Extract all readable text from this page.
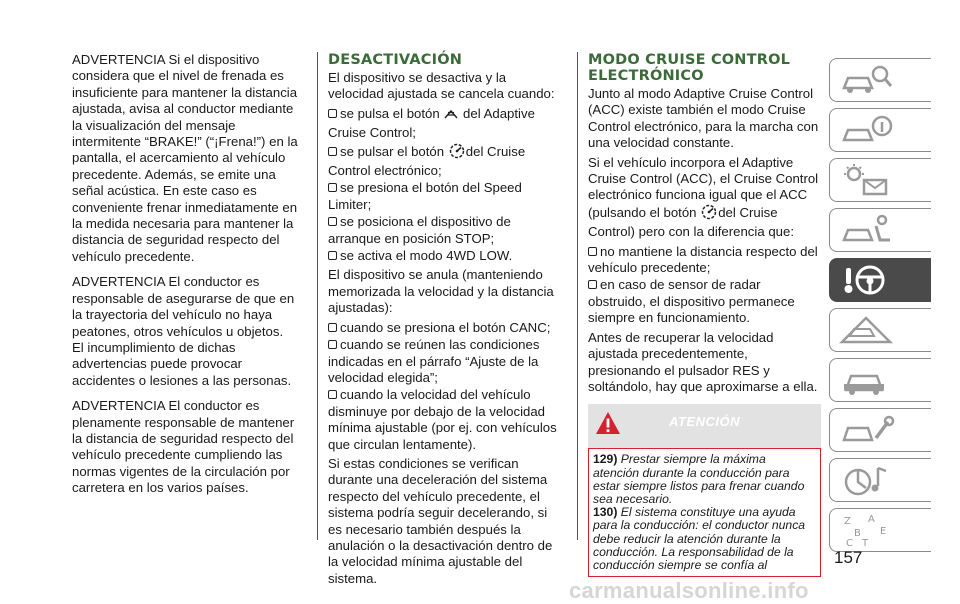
ADVERTENCIA Si el dispositivo considera que el nivel de frenada es insuficiente para mantener la distancia ajustada, avisa al conductor mediante la visualización del mensaje intermitente “BRAKE!” (“¡Frena!”) en la pantalla, el acercamiento al vehículo precedente. Además, se emite una señal acústica. En este caso es conveniente frenar inmediatamente en la medida necesaria para mantener la distancia de seguridad respecto del vehículo precedente.

ADVERTENCIA El conductor es responsable de asegurarse de que en la trayectoria del vehículo no haya peatones, otros vehículos u objetos. El incumplimiento de dichas advertencias puede provocar accidentes o lesiones a las personas.

ADVERTENCIA El conductor es plenamente responsable de mantener la distancia de seguridad respecto del vehículo precedente cumpliendo las normas vigentes de la circulación por carretera en los varios países.

DESACTIVACIÓN

El dispositivo se desactiva y la velocidad ajustada se cancela cuando:

se pulsa el botón  del Adaptive Cruise Control;
se pulsar el botón del Cruise Control electrónico;
se presiona el botón del Speed Limiter;
se posiciona el dispositivo de arranque en posición STOP;
se activa el modo 4WD LOW.

El dispositivo se anula (manteniendo memorizada la velocidad y la distancia ajustadas):

cuando se presiona el botón CANC;
cuando se reúnen las condiciones indicadas en el párrafo “Ajuste de la velocidad elegida”;
cuando la velocidad del vehículo disminuye por debajo de la velocidad mínima ajustable (por ej. con vehículos que circulan lentamente).

Si estas condiciones se verifican durante una deceleración del sistema respecto del vehículo precedente, el sistema podría seguir decelerando, si es necesario también después la anulación o la desactivación dentro de la velocidad mínima ajustable del sistema.

MODO CRUISE CONTROL ELECTRÓNICO

Junto al modo Adaptive Cruise Control (ACC) existe también el modo Cruise Control electrónico, para la marcha con una velocidad constante.

Si el vehículo incorpora el Adaptive Cruise Control (ACC), el Cruise Control electrónico funciona igual que el ACC (pulsando el botón del Cruise Control) pero con la diferencia que:

no mantiene la distancia respecto del vehículo precedente;
en caso de sensor de radar obstruido, el dispositivo permanece siempre en funcionamiento.

Antes de recuperar la velocidad ajustada precedentemente, presionando el pulsador RES y soltándolo, hay que aproximarse a ella.

ATENCIÓN
129) Prestar siempre la máxima atención durante la conducción para estar siempre listos para frenar cuando sea necesario.
130) El sistema constituye una ayuda para la conducción: el conductor nunca debe reducir la atención durante la conducción. La responsabilidad de la conducción siempre se confía al
Z A
B
C
E
T
157
carmanualsonline.info
